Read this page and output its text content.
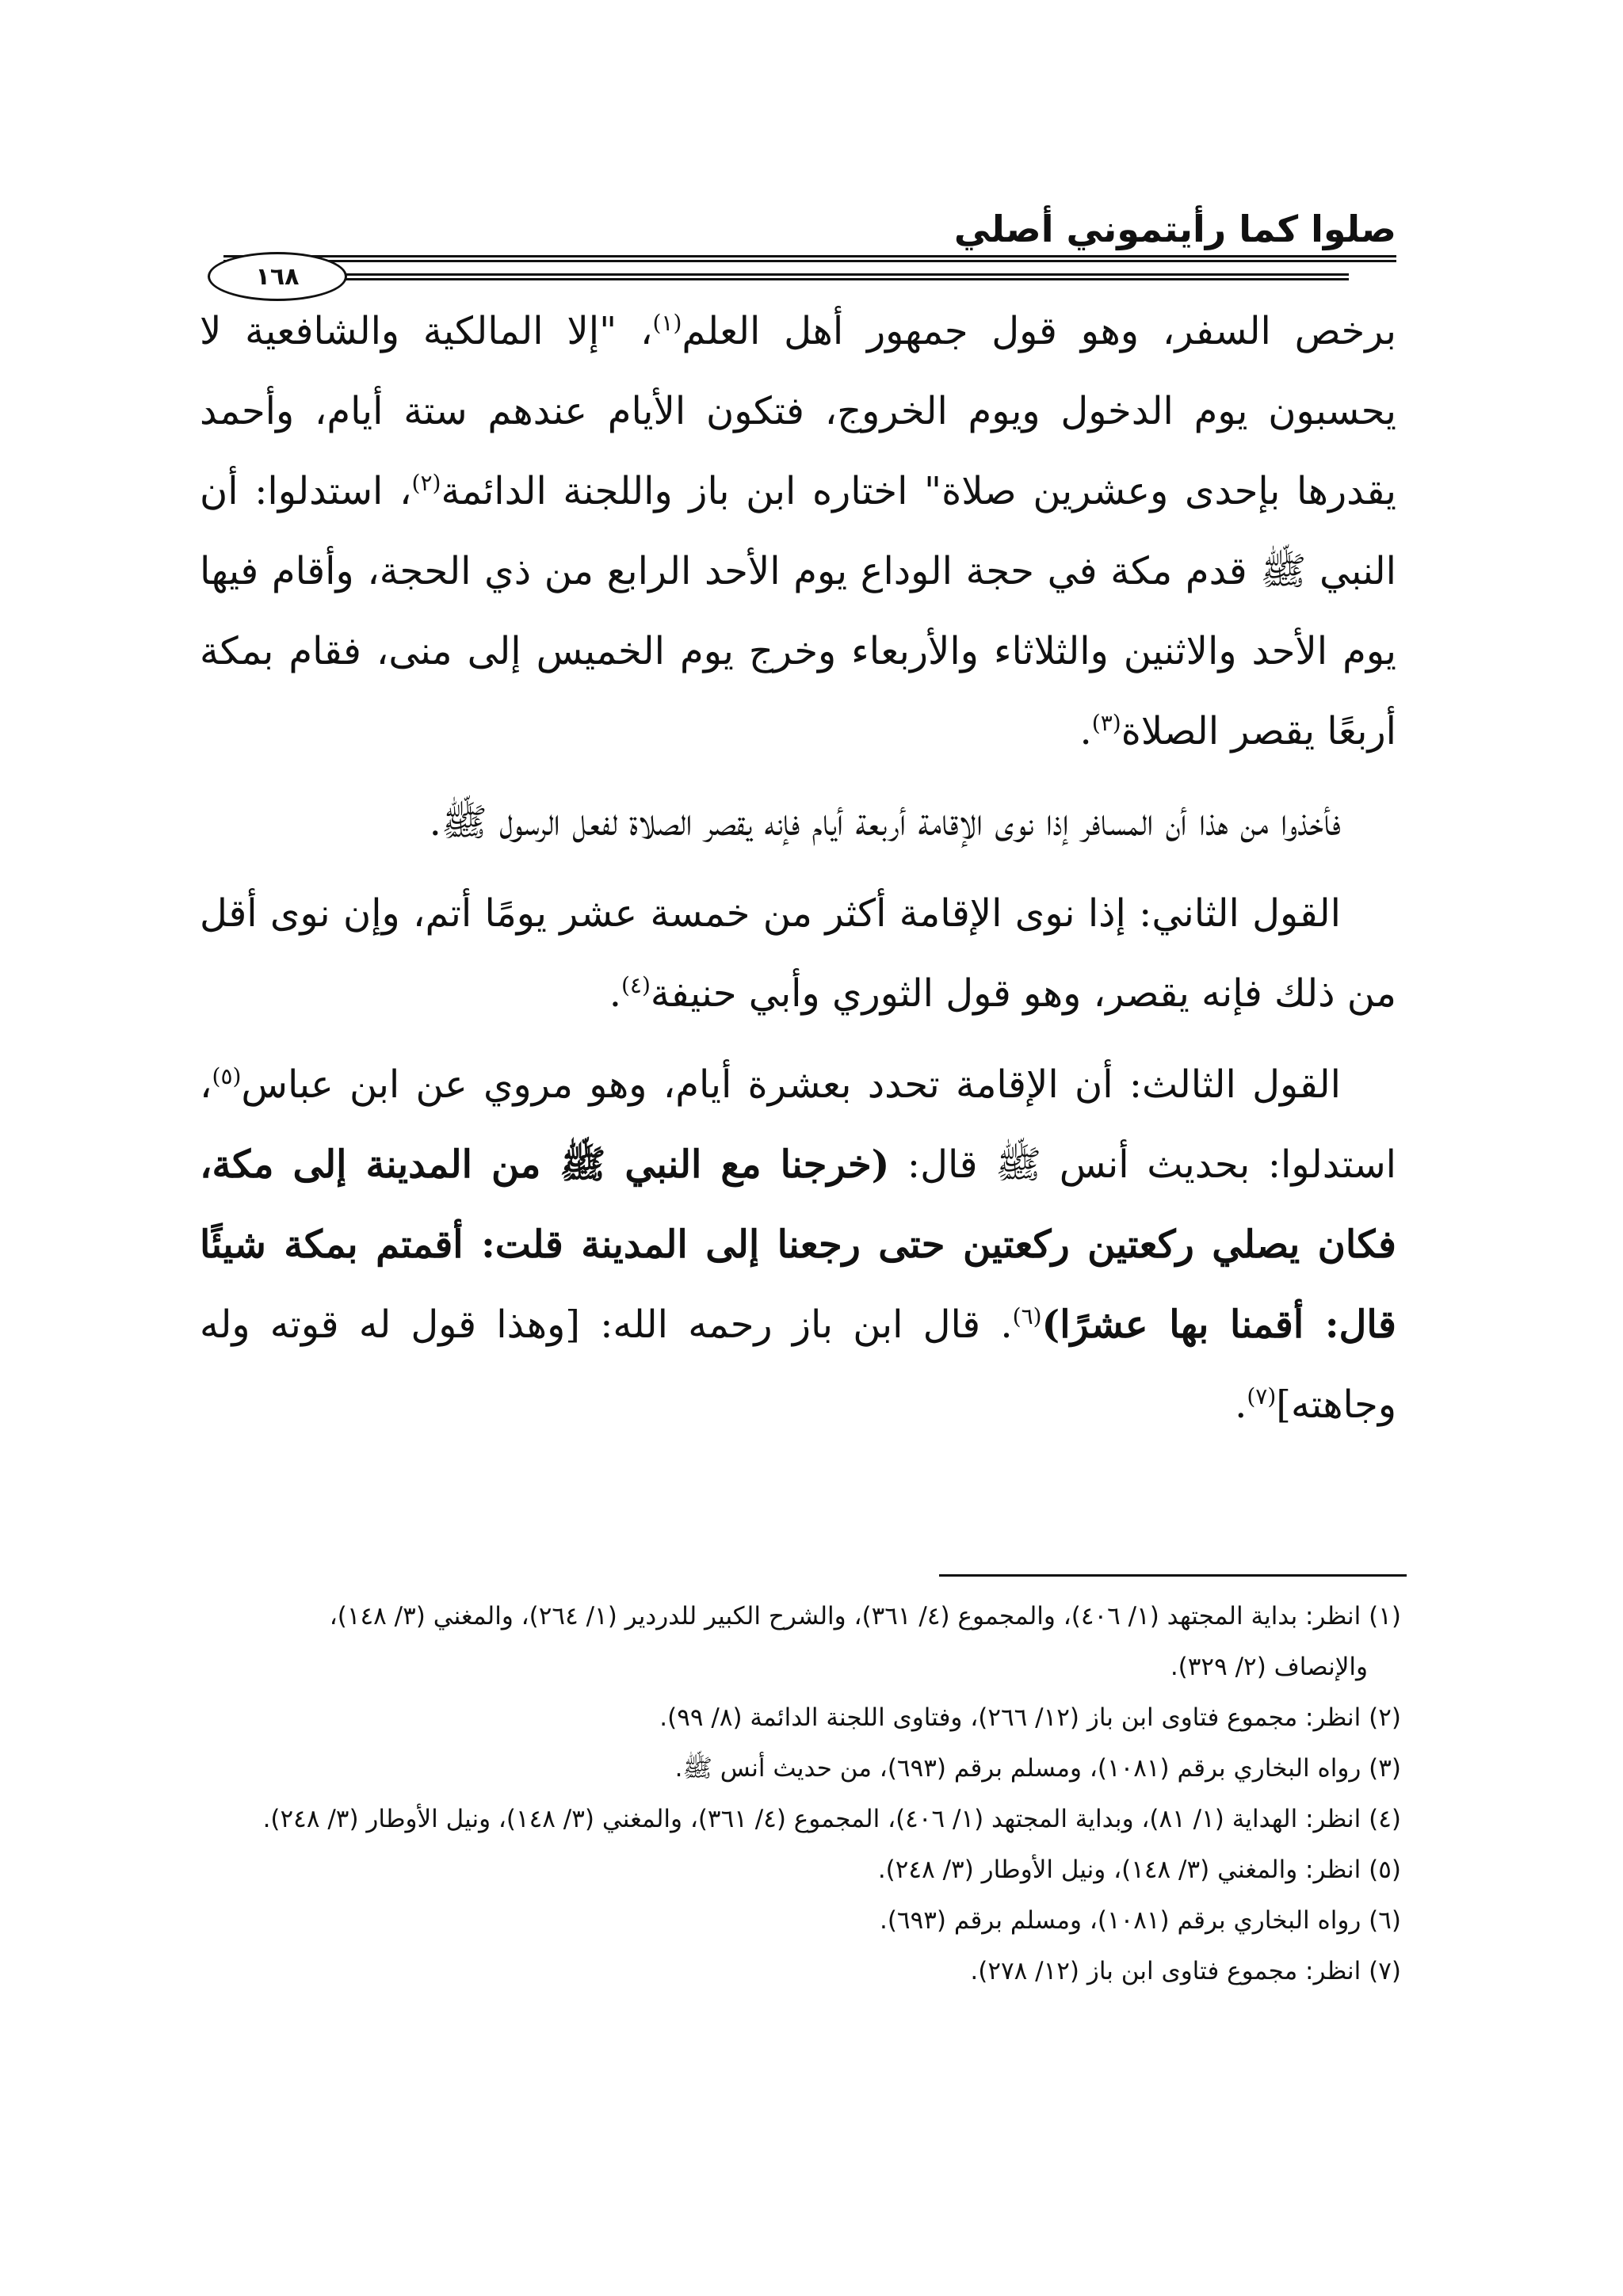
صلوا كما رأيتموني أصلي
١٦٨

برخص السفر، وهو قول جمهور أهل العلم$^{(١)}$، "إلا المالكية والشافعية لا يحسبون يوم الدخول ويوم الخروج، فتكون الأيام عندهم ستة أيام، وأحمد يقدرها بإحدى وعشرين صلاة" اختاره ابن باز واللجنة الدائمة$^{(٢)}$، استدلوا: أن النبي ﷺ قدم مكة في حجة الوداع يوم الأحد الرابع من ذي الحجة، وأقام فيها يوم الأحد والاثنين والثلاثاء والأربعاء وخرج يوم الخميس إلى منى، فقام بمكة أربعًا يقصر الصلاة$^{(٣)}$.

فأخذوا من هذا أن المسافر إذا نوى الإقامة أربعة أيام فإنه يقصر الصلاة لفعل الرسول ﷺ.

القول الثاني: إذا نوى الإقامة أكثر من خمسة عشر يومًا أتم، وإن نوى أقل من ذلك فإنه يقصر، وهو قول الثوري وأبي حنيفة$^{(٤)}$.

القول الثالث: أن الإقامة تحدد بعشرة أيام، وهو مروي عن ابن عباس$^{(٥)}$، استدلوا: بحديث أنس ﷺ قال: (خرجنا مع النبي ﷺ من المدينة إلى مكة، فكان يصلي ركعتين ركعتين حتى رجعنا إلى المدينة قلت: أقمتم بمكة شيئًا قال: أقمنا بها عشرًا)$^{(٦)}$. قال ابن باز رحمه الله: [وهذا قول له قوته وله وجاهته]$^{(٧)}$.

(١) انظر: بداية المجتهد (١/ ٤٠٦)، والمجموع (٤/ ٣٦١)، والشرح الكبير للدردير (١/ ٢٦٤)، والمغني (٣/ ١٤٨)،

والإنصاف (٢/ ٣٢٩).

(٢) انظر: مجموع فتاوى ابن باز (١٢/ ٢٦٦)، وفتاوى اللجنة الدائمة (٨/ ٩٩).

(٣) رواه البخاري برقم (١٠٨١)، ومسلم برقم (٦٩٣)، من حديث أنس ﷺ.

(٤) انظر: الهداية (١/ ٨١)، وبداية المجتهد (١/ ٤٠٦)، المجموع (٤/ ٣٦١)، والمغني (٣/ ١٤٨)، ونيل الأوطار (٣/ ٢٤٨).

(٥) انظر: والمغني (٣/ ١٤٨)، ونيل الأوطار (٣/ ٢٤٨).

(٦) رواه البخاري برقم (١٠٨١)، ومسلم برقم (٦٩٣).

(٧) انظر: مجموع فتاوى ابن باز (١٢/ ٢٧٨).
